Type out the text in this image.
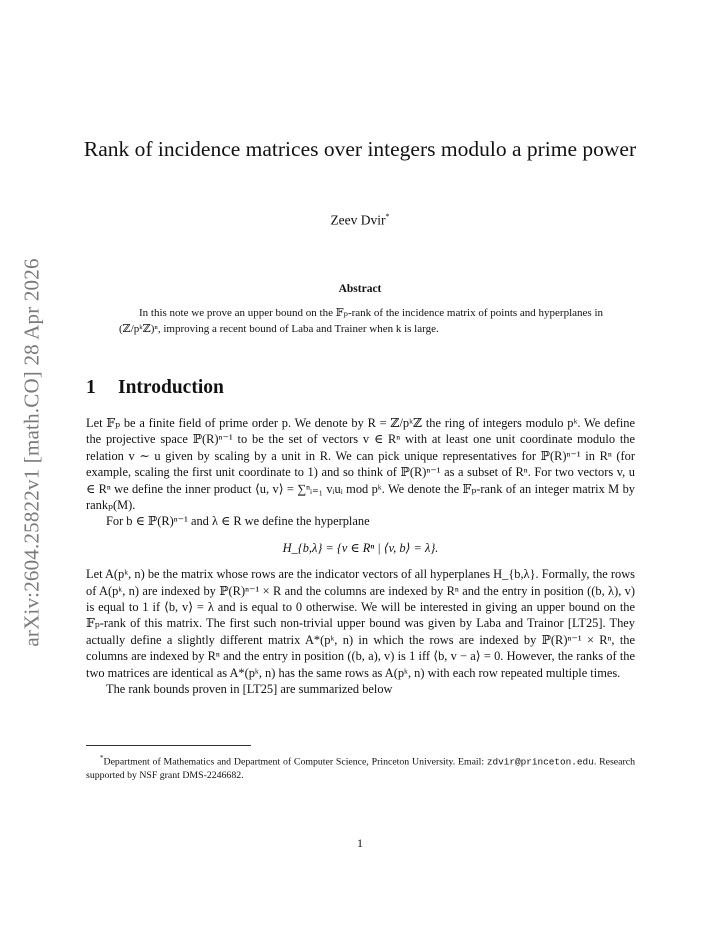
arXiv:2604.25822v1 [math.CO] 28 Apr 2026
Rank of incidence matrices over integers modulo a prime power
Zeev Dvir*
Abstract

In this note we prove an upper bound on the 𝔽ₚ-rank of the incidence matrix of points and hyperplanes in (ℤ/pᵏℤ)ⁿ, improving a recent bound of Laba and Trainer when k is large.

1 Introduction

Let 𝔽ₚ be a finite field of prime order p. We denote by R = ℤ/pᵏℤ the ring of integers modulo pᵏ. We define the projective space ℙ(R)ⁿ⁻¹ to be the set of vectors v ∈ Rⁿ with at least one unit coordinate modulo the relation v ∼ u given by scaling by a unit in R. We can pick unique representatives for ℙ(R)ⁿ⁻¹ in Rⁿ (for example, scaling the first unit coordinate to 1) and so think of ℙ(R)ⁿ⁻¹ as a subset of Rⁿ. For two vectors v, u ∈ Rⁿ we define the inner product ⟨u, v⟩ = ∑ⁿᵢ₌₁ vᵢuᵢ mod pᵏ. We denote the 𝔽ₚ-rank of an integer matrix M by rankₚ(M).

For b ∈ ℙ(R)ⁿ⁻¹ and λ ∈ R we define the hyperplane

H_{b,λ} = {v ∈ Rⁿ | ⟨v, b⟩ = λ}.

Let A(pᵏ, n) be the matrix whose rows are the indicator vectors of all hyperplanes H_{b,λ}. Formally, the rows of A(pᵏ, n) are indexed by ℙ(R)ⁿ⁻¹ × R and the columns are indexed by Rⁿ and the entry in position ((b, λ), v) is equal to 1 if ⟨b, v⟩ = λ and is equal to 0 otherwise. We will be interested in giving an upper bound on the 𝔽ₚ-rank of this matrix. The first such non-trivial upper bound was given by Laba and Trainor [LT25]. They actually define a slightly different matrix A*(pᵏ, n) in which the rows are indexed by ℙ(R)ⁿ⁻¹ × Rⁿ, the columns are indexed by Rⁿ and the entry in position ((b, a), v) is 1 iff ⟨b, v − a⟩ = 0. However, the ranks of the two matrices are identical as A*(pᵏ, n) has the same rows as A(pᵏ, n) with each row repeated multiple times.

The rank bounds proven in [LT25] are summarized below

*Department of Mathematics and Department of Computer Science, Princeton University. Email: zdvir@princeton.edu. Research supported by NSF grant DMS-2246682.

1
